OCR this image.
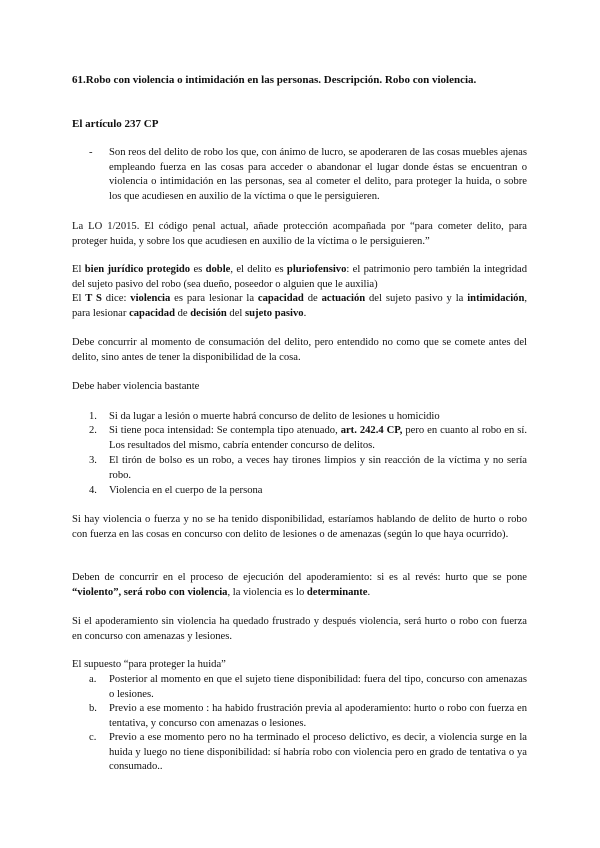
61.Robo con violencia o intimidación en las personas. Descripción. Robo con violencia.
El artículo 237 CP
- Son reos del delito de robo los que, con ánimo de lucro, se apoderaren de las cosas muebles ajenas empleando fuerza en las cosas para acceder o abandonar el lugar donde éstas se encuentran o violencia o intimidación en las personas, sea al cometer el delito, para proteger la huida, o sobre los que acudiesen en auxilio de la víctima o que le persiguieren.
La LO 1/2015. El código penal actual, añade protección acompañada por “para cometer delito, para proteger huida, y sobre los que acudiesen en auxilio de la víctima o le persiguieren.”
El bien jurídico protegido es doble, el delito es pluriofensivo: el patrimonio pero también la integridad del sujeto pasivo del robo (sea dueño, poseedor o alguien que le auxilia)
El T S dice: violencia es para lesionar la capacidad de actuación del sujeto pasivo y la intimidación, para lesionar capacidad de decisión del sujeto pasivo.
Debe concurrir al momento de consumación del delito, pero entendido no como que se comete antes del delito, sino antes de tener la disponibilidad de la cosa.
Debe haber violencia bastante
1. Si da lugar a lesión o muerte habrá concurso de delito de lesiones u homicidio
2. Si tiene poca intensidad: Se contempla tipo atenuado, art. 242.4 CP, pero en cuanto al robo en sí. Los resultados del mismo, cabría entender concurso de delitos.
3. El tirón de bolso es un robo, a veces hay tirones limpios y sin reacción de la víctima y no sería robo.
4. Violencia en el cuerpo de la persona
Si hay violencia o fuerza y no se ha tenido disponibilidad, estaríamos hablando de delito de hurto o robo con fuerza en las cosas en concurso con delito de lesiones o de amenazas (según lo que haya ocurrido).
Deben de concurrir en el proceso de ejecución del apoderamiento: si es al revés: hurto que se pone “violento”, será robo con violencia, la violencia es lo determinante.
Si el apoderamiento sin violencia ha quedado frustrado y después violencia, será hurto o robo con fuerza en concurso con amenazas y lesiones.
El supuesto “para proteger la huida”
a. Posterior al momento en que el sujeto tiene disponibilidad: fuera del tipo, concurso con amenazas o lesiones.
b. Previo a ese momento : ha habido frustración previa al apoderamiento: hurto o robo con fuerza en tentativa, y concurso con amenazas o lesiones.
c. Previo a ese momento pero no ha terminado el proceso delictivo, es decir, a violencia surge en la huida y luego no tiene disponibilidad: sí habría robo con violencia pero en grado de tentativa o ya consumado..
